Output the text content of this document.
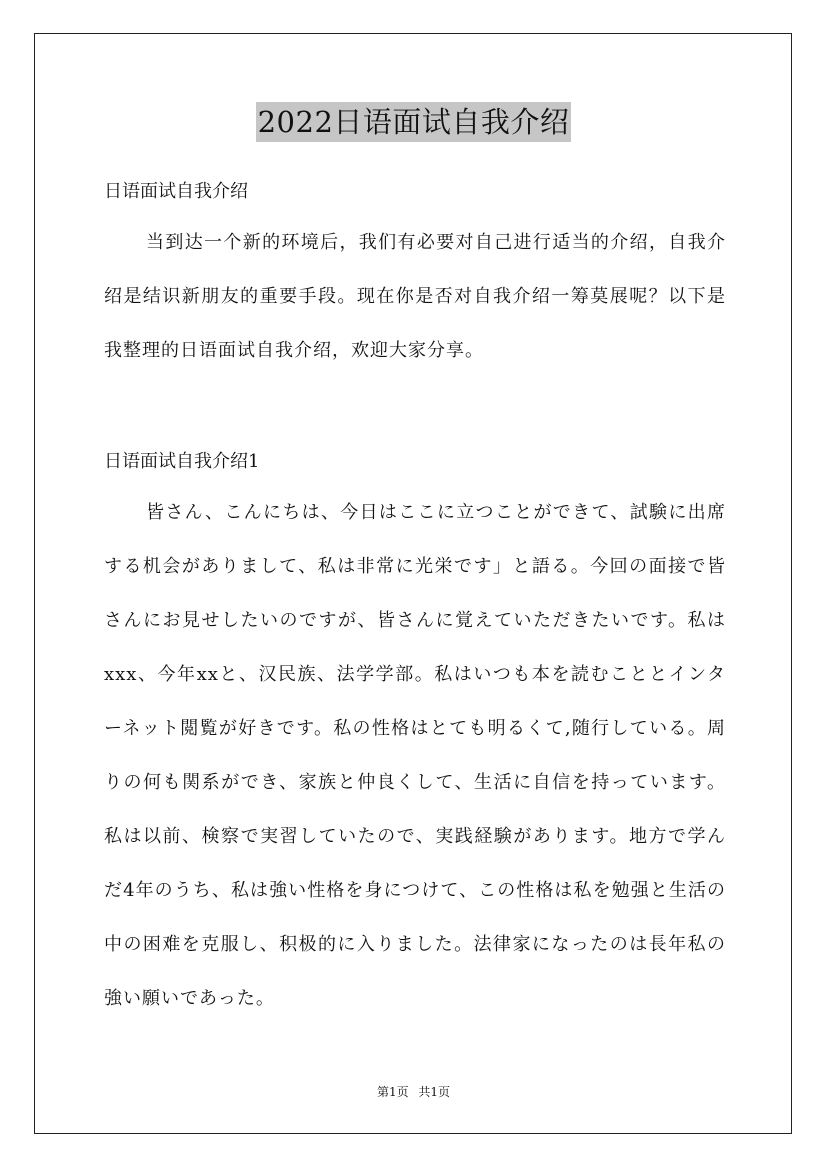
2022日语面试自我介绍

日语面试自我介绍

当到达一个新的环境后，我们有必要对自己进行适当的介绍，自我介绍是结识新朋友的重要手段。现在你是否对自我介绍一筹莫展呢？以下是我整理的日语面试自我介绍，欢迎大家分享。

日语面试自我介绍1

皆さん、こんにちは、今日はここに立つことができて、試験に出席する机会がありまして、私は非常に光栄です」と語る。今回の面接で皆さんにお見せしたいのですが、皆さんに覚えていただきたいです。私はxxx、今年xxと、汉民族、法学学部。私はいつも本を読むこととインターネット閲覧が好きです。私の性格はとても明るくて,随行している。周りの何も関系ができ、家族と仲良くして、生活に自信を持っています。私は以前、検察で実習していたので、実践経験があります。地方で学んだ4年のうち、私は強い性格を身につけて、この性格は私を勉强と生活の中の困难を克服し、积极的に入りました。法律家になったのは長年私の強い願いであった。

第1页 共1页
